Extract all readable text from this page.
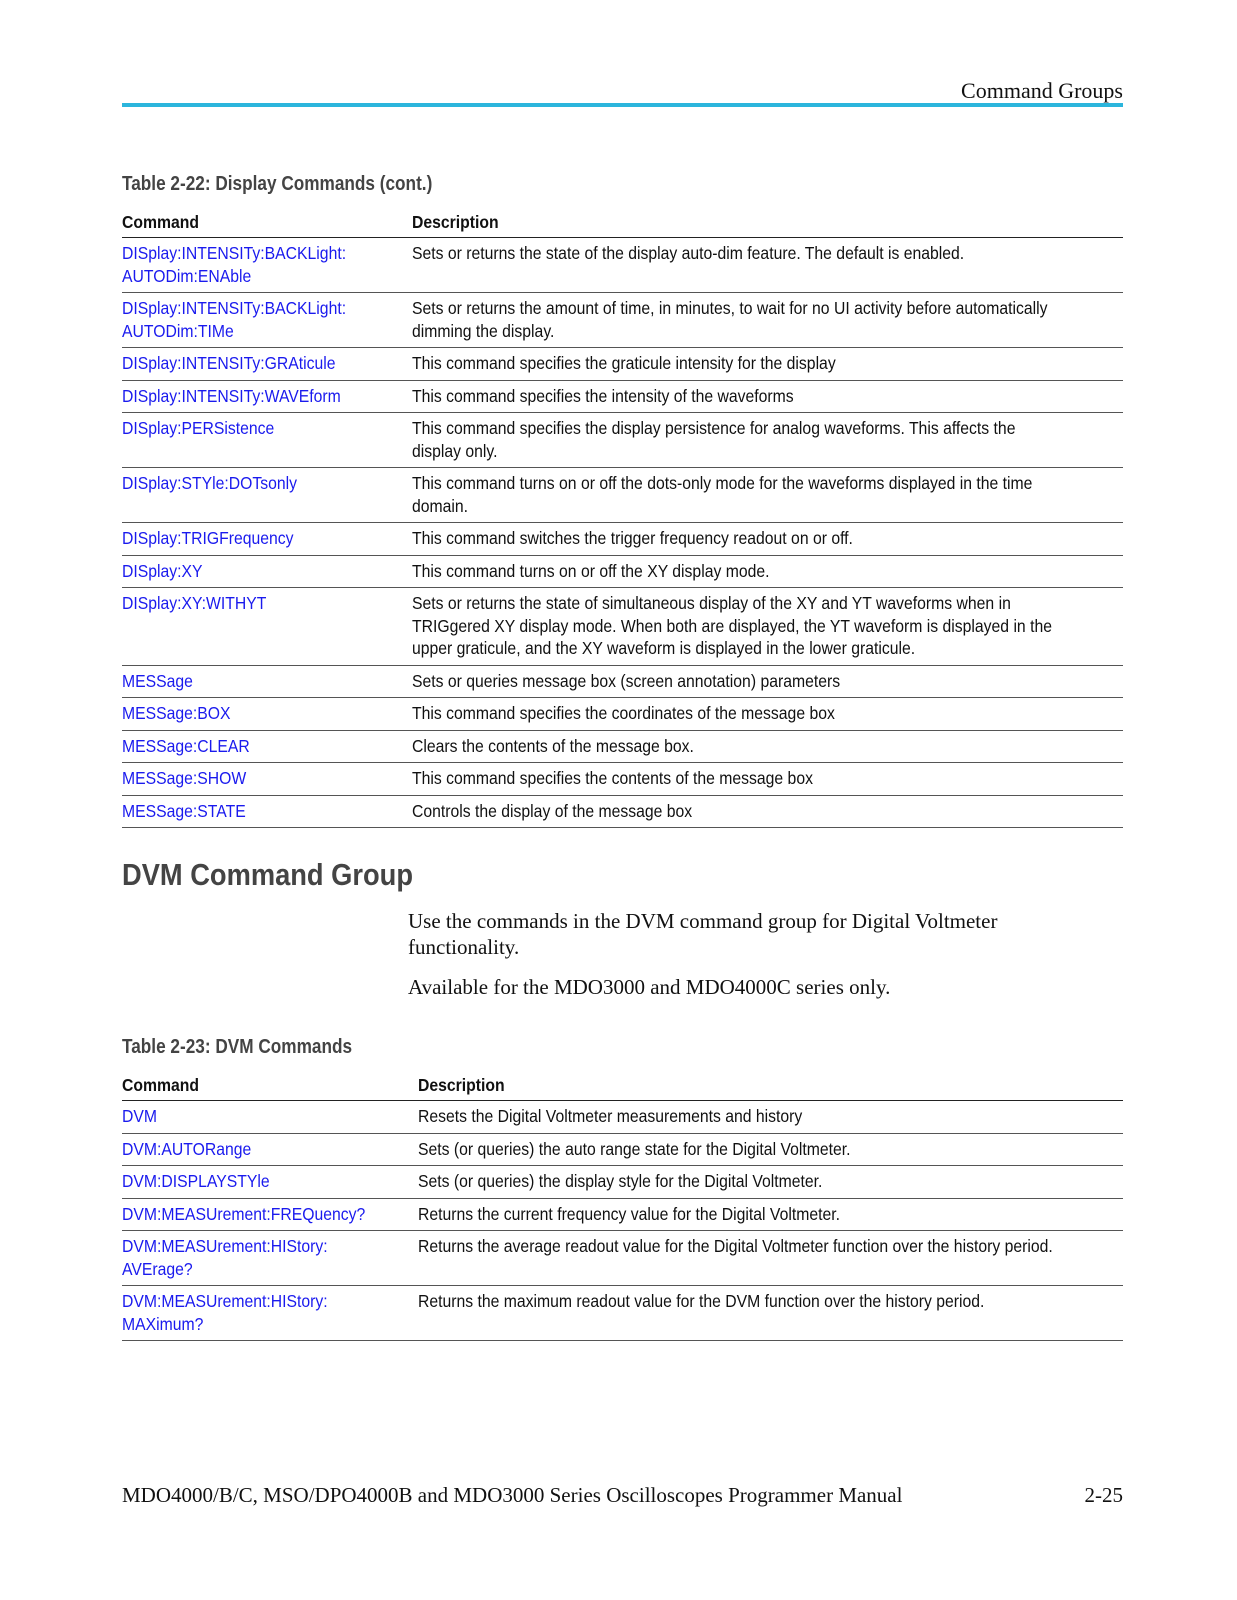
Command Groups
Table 2-22: Display Commands (cont.)
Command	Description

DISplay:INTENSITy:BACKLight:
AUTODim:ENAble	Sets or returns the state of the display auto-dim feature. The default is enabled.

DISplay:INTENSITy:BACKLight:
AUTODim:TIMe	Sets or returns the amount of time, in minutes, to wait for no UI activity before automatically
dimming the display.

DISplay:INTENSITy:GRAticule	This command specifies the graticule intensity for the display

DISplay:INTENSITy:WAVEform	This command specifies the intensity of the waveforms

DISplay:PERSistence	This command specifies the display persistence for analog waveforms. This affects the
display only.

DISplay:STYle:DOTsonly	This command turns on or off the dots-only mode for the waveforms displayed in the time
domain.

DISplay:TRIGFrequency	This command switches the trigger frequency readout on or off.

DISplay:XY	This command turns on or off the XY display mode.

DISplay:XY:WITHYT	Sets or returns the state of simultaneous display of the XY and YT waveforms when in
TRIGgered XY display mode. When both are displayed, the YT waveform is displayed in the
upper graticule, and the XY waveform is displayed in the lower graticule.

MESSage	Sets or queries message box (screen annotation) parameters

MESSage:BOX	This command specifies the coordinates of the message box

MESSage:CLEAR	Clears the contents of the message box.

MESSage:SHOW	This command specifies the contents of the message box

MESSage:STATE	Controls the display of the message box
DVM Command Group
Use the commands in the DVM command group for Digital Voltmeter functionality.
Available for the MDO3000 and MDO4000C series only.
Table 2-23: DVM Commands
Command	Description

DVM	Resets the Digital Voltmeter measurements and history

DVM:AUTORange	Sets (or queries) the auto range state for the Digital Voltmeter.

DVM:DISPLAYSTYle	Sets (or queries) the display style for the Digital Voltmeter.

DVM:MEASUrement:FREQuency?	Returns the current frequency value for the Digital Voltmeter.

DVM:MEASUrement:HIStory:
AVErage?	Returns the average readout value for the Digital Voltmeter function over the history period.

DVM:MEASUrement:HIStory:
MAXimum?	Returns the maximum readout value for the DVM function over the history period.
MDO4000/B/C, MSO/DPO4000B and MDO3000 Series Oscilloscopes Programmer Manual	2-25
